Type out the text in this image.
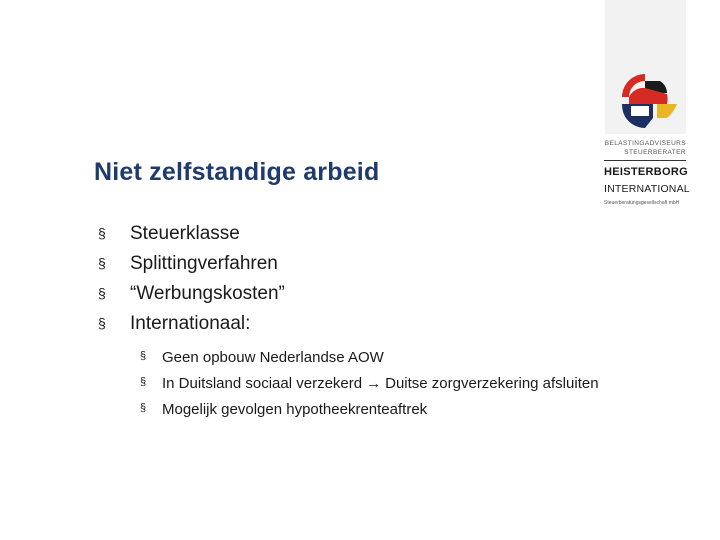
BELASTINGADVISEURS
STEUERBERATER
HEISTERBORG
INTERNATIONAL
Steuerberatungsgesellschaft mbH
Niet zelfstandige arbeid
§ Steuerklasse
§ Splittingverfahren
§ “Werbungskosten”
§ Internationaal:
§ Geen opbouw Nederlandse AOW
§ In Duitsland sociaal verzekerd → Duitse zorgverzekering afsluiten
§ Mogelijk gevolgen hypotheekrenteaftrek
